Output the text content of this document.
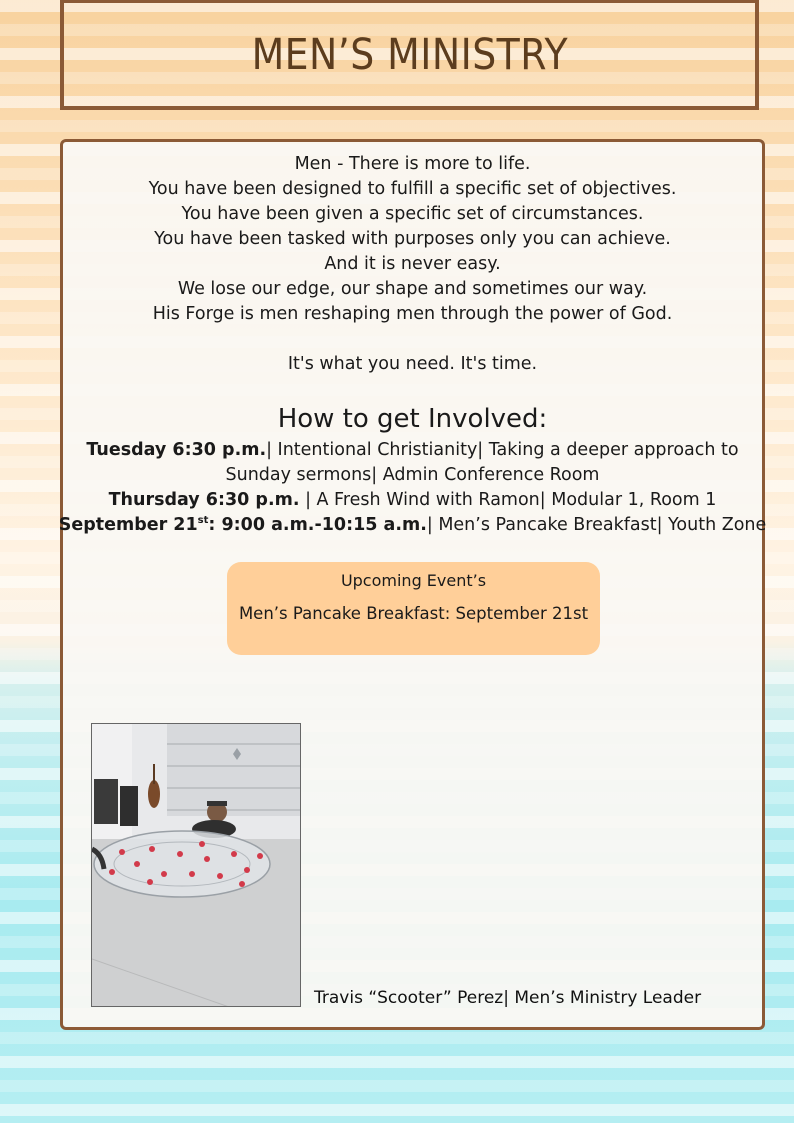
MEN’S MINISTRY

Men - There is more to life.

You have been designed to fulfill a specific set of objectives.

You have been given a specific set of circumstances.

You have been tasked with purposes only you can achieve.

And it is never easy.

We lose our edge, our shape and sometimes our way.

His Forge is men reshaping men through the power of God.

It's what you need. It's time.

How to get Involved:

Tuesday 6:30 p.m.| Intentional Christianity| Taking a deeper approach to

Sunday sermons| Admin Conference Room

Thursday 6:30 p.m. | A Fresh Wind with Ramon| Modular 1, Room 1

September 21st: 9:00 a.m.-10:15 a.m.| Men’s Pancake Breakfast| Youth Zone

Upcoming Event’s
Men’s Pancake Breakfast: September 21st
Travis “Scooter” Perez| Men’s Ministry Leader
